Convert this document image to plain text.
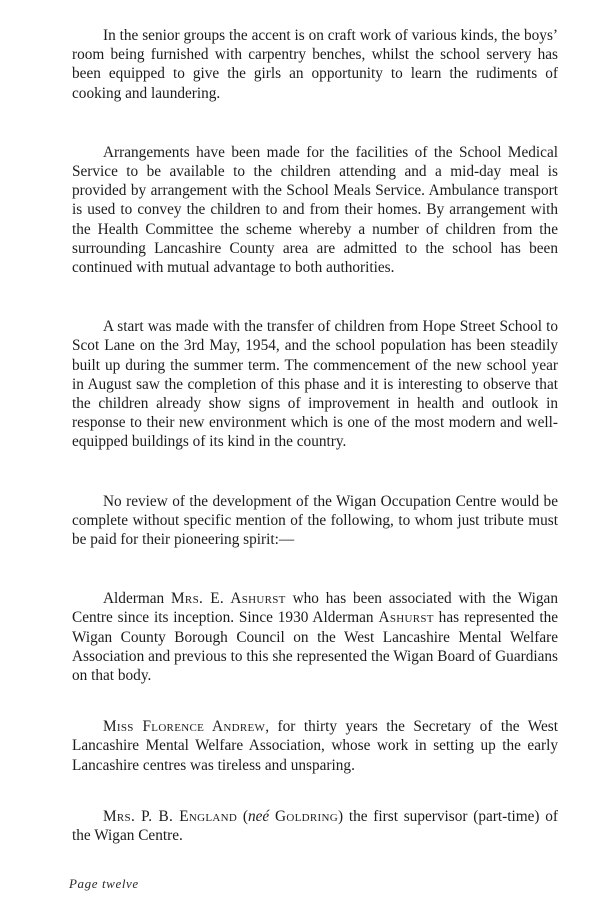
In the senior groups the accent is on craft work of various kinds, the boys’ room being furnished with carpentry benches, whilst the school servery has been equipped to give the girls an opportunity to learn the rudiments of cooking and laundering.

Arrangements have been made for the facilities of the School Medical Service to be available to the children attending and a mid-day meal is provided by arrangement with the School Meals Service. Ambulance transport is used to convey the children to and from their homes. By arrangement with the Health Committee the scheme whereby a number of children from the surrounding Lancashire County area are admitted to the school has been continued with mutual advantage to both authorities.

A start was made with the transfer of children from Hope Street School to Scot Lane on the 3rd May, 1954, and the school population has been steadily built up during the summer term. The commencement of the new school year in August saw the completion of this phase and it is interesting to observe that the children already show signs of improvement in health and outlook in response to their new environment which is one of the most modern and well-equipped buildings of its kind in the country.

No review of the development of the Wigan Occupation Centre would be complete without specific mention of the following, to whom just tribute must be paid for their pioneering spirit:—

Alderman Mrs. E. Ashurst who has been associated with the Wigan Centre since its inception. Since 1930 Alderman Ashurst has represented the Wigan County Borough Council on the West Lancashire Mental Welfare Association and previous to this she represented the Wigan Board of Guardians on that body.

Miss Florence Andrew, for thirty years the Secretary of the West Lancashire Mental Welfare Association, whose work in setting up the early Lancashire centres was tireless and unsparing.

Mrs. P. B. England (neé Goldring) the first supervisor (part-time) of the Wigan Centre.

Page twelve
